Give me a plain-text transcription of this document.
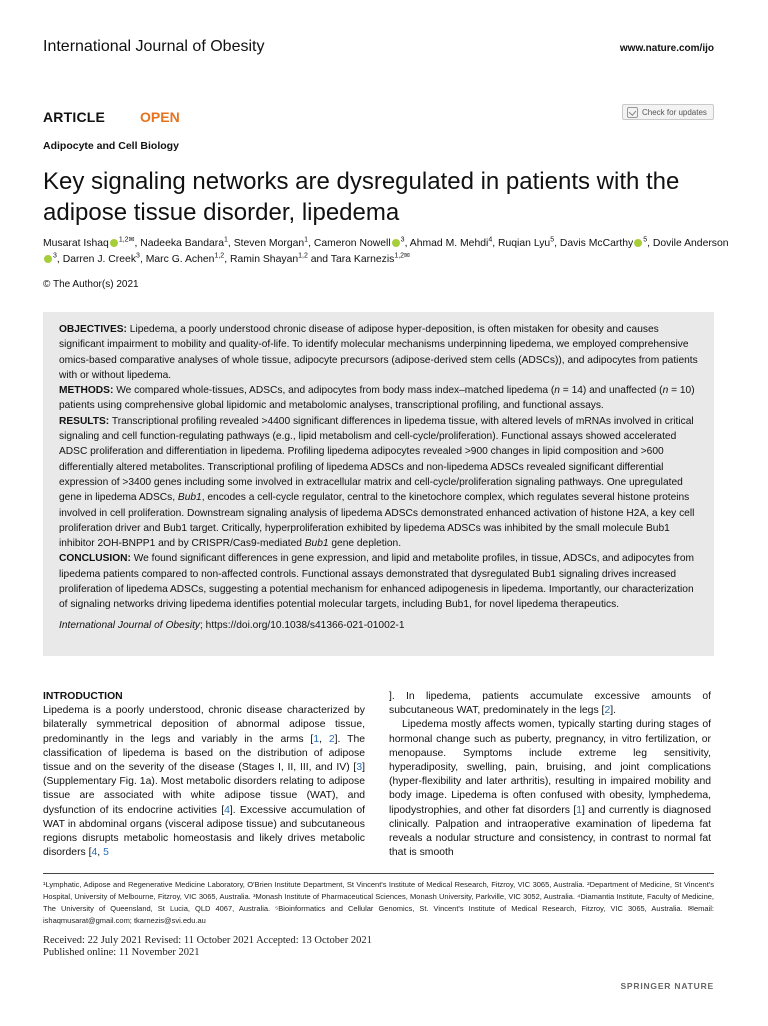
International Journal of Obesity	www.nature.com/ijo
ARTICLE OPEN	Check for updates
Adipocyte and Cell Biology
Key signaling networks are dysregulated in patients with the adipose tissue disorder, lipedema
Musarat Ishaq $^{1,2✉}$, Nadeeka Bandara$^1$, Steven Morgan$^1$, Cameron Nowell $^3$, Ahmad M. Mehdi$^4$, Ruqian Lyu$^5$, Davis McCarthy $^5$, Dovile Anderson$^3$, Darren J. Creek$^3$, Marc G. Achen$^{1,2}$, Ramin Shayan$^{1,2}$ and Tara Karnezis$^{1,2✉}$
© The Author(s) 2021

OBJECTIVES: Lipedema, a poorly understood chronic disease of adipose hyper-deposition, is often mistaken for obesity and causes significant impairment to mobility and quality-of-life. To identify molecular mechanisms underpinning lipedema, we employed comprehensive omics-based comparative analyses of whole tissue, adipocyte precursors (adipose-derived stem cells (ADSCs)), and adipocytes from patients with or without lipedema.

METHODS: We compared whole-tissues, ADSCs, and adipocytes from body mass index–matched lipedema (n = 14) and unaffected (n = 10) patients using comprehensive global lipidomic and metabolomic analyses, transcriptional profiling, and functional assays.

RESULTS: Transcriptional profiling revealed >4400 significant differences in lipedema tissue, with altered levels of mRNAs involved in critical signaling and cell function-regulating pathways (e.g., lipid metabolism and cell-cycle/proliferation). Functional assays showed accelerated ADSC proliferation and differentiation in lipedema. Profiling lipedema adipocytes revealed >900 changes in lipid composition and >600 differentially altered metabolites. Transcriptional profiling of lipedema ADSCs and non-lipedema ADSCs revealed significant differential expression of >3400 genes including some involved in extracellular matrix and cell-cycle/proliferation signaling pathways. One upregulated gene in lipedema ADSCs, Bub1, encodes a cell-cycle regulator, central to the kinetochore complex, which regulates several histone proteins involved in cell proliferation. Downstream signaling analysis of lipedema ADSCs demonstrated enhanced activation of histone H2A, a key cell proliferation driver and Bub1 target. Critically, hyperproliferation exhibited by lipedema ADSCs was inhibited by the small molecule Bub1 inhibitor 2OH-BNPP1 and by CRISPR/Cas9-mediated Bub1 gene depletion.

CONCLUSION: We found significant differences in gene expression, and lipid and metabolite profiles, in tissue, ADSCs, and adipocytes from lipedema patients compared to non-affected controls. Functional assays demonstrated that dysregulated Bub1 signaling drives increased proliferation of lipedema ADSCs, suggesting a potential mechanism for enhanced adipogenesis in lipedema. Importantly, our characterization of signaling networks driving lipedema identifies potential molecular targets, including Bub1, for novel lipedema therapeutics.

International Journal of Obesity; https://doi.org/10.1038/s41366-021-01002-1

INTRODUCTION

Lipedema is a poorly understood, chronic disease characterized by bilaterally symmetrical deposition of abnormal adipose tissue, predominantly in the legs and variably in the arms [1, 2]. The classification of lipedema is based on the distribution of adipose tissue and on the severity of the disease (Stages I, II, III, and IV) [3] (Supplementary Fig. 1a). Most metabolic disorders relating to adipose tissue are associated with white adipose tissue (WAT), and dysfunction of its endocrine activities [4]. Excessive accumulation of WAT in abdominal organs (visceral adipose tissue) and subcutaneous regions disrupts metabolic homeostasis and likely drives metabolic disorders [4, 5

]. In lipedema, patients accumulate excessive amounts of subcutaneous WAT, predominately in the legs [2].

Lipedema mostly affects women, typically starting during stages of hormonal change such as puberty, pregnancy, in vitro fertilization, or menopause. Symptoms include extreme leg sensitivity, hyperadiposity, swelling, pain, bruising, and joint complications (hyper-flexibility and later arthritis), resulting in impaired mobility and body image. Lipedema is often confused with obesity, lymphedema, lipodystrophies, and other fat disorders [1] and currently is diagnosed clinically. Palpation and intraoperative examination of lipedema fat reveals a nodular structure and consistency, in contrast to normal fat that is smooth

¹Lymphatic, Adipose and Regenerative Medicine Laboratory, O'Brien Institute Department, St Vincent's Institute of Medical Research, Fitzroy, VIC 3065, Australia. ²Department of Medicine, St Vincent's Hospital, University of Melbourne, Fitzroy, VIC 3065, Australia. ³Monash Institute of Pharmaceutical Sciences, Monash University, Parkville, VIC 3052, Australia. ⁴Diamantia Institute, Faculty of Medicine, The University of Queensland, St Lucia, QLD 4067, Australia. ⁵Bioinformatics and Cellular Genomics, St. Vincent's Institute of Medical Research, Fitzroy, VIC 3065, Australia. ✉email: ishaqmusarat@gmail.com; tkarnezis@svi.edu.au
Received: 22 July 2021 Revised: 11 October 2021 Accepted: 13 October 2021
Published online: 11 November 2021
SPRINGER NATURE
